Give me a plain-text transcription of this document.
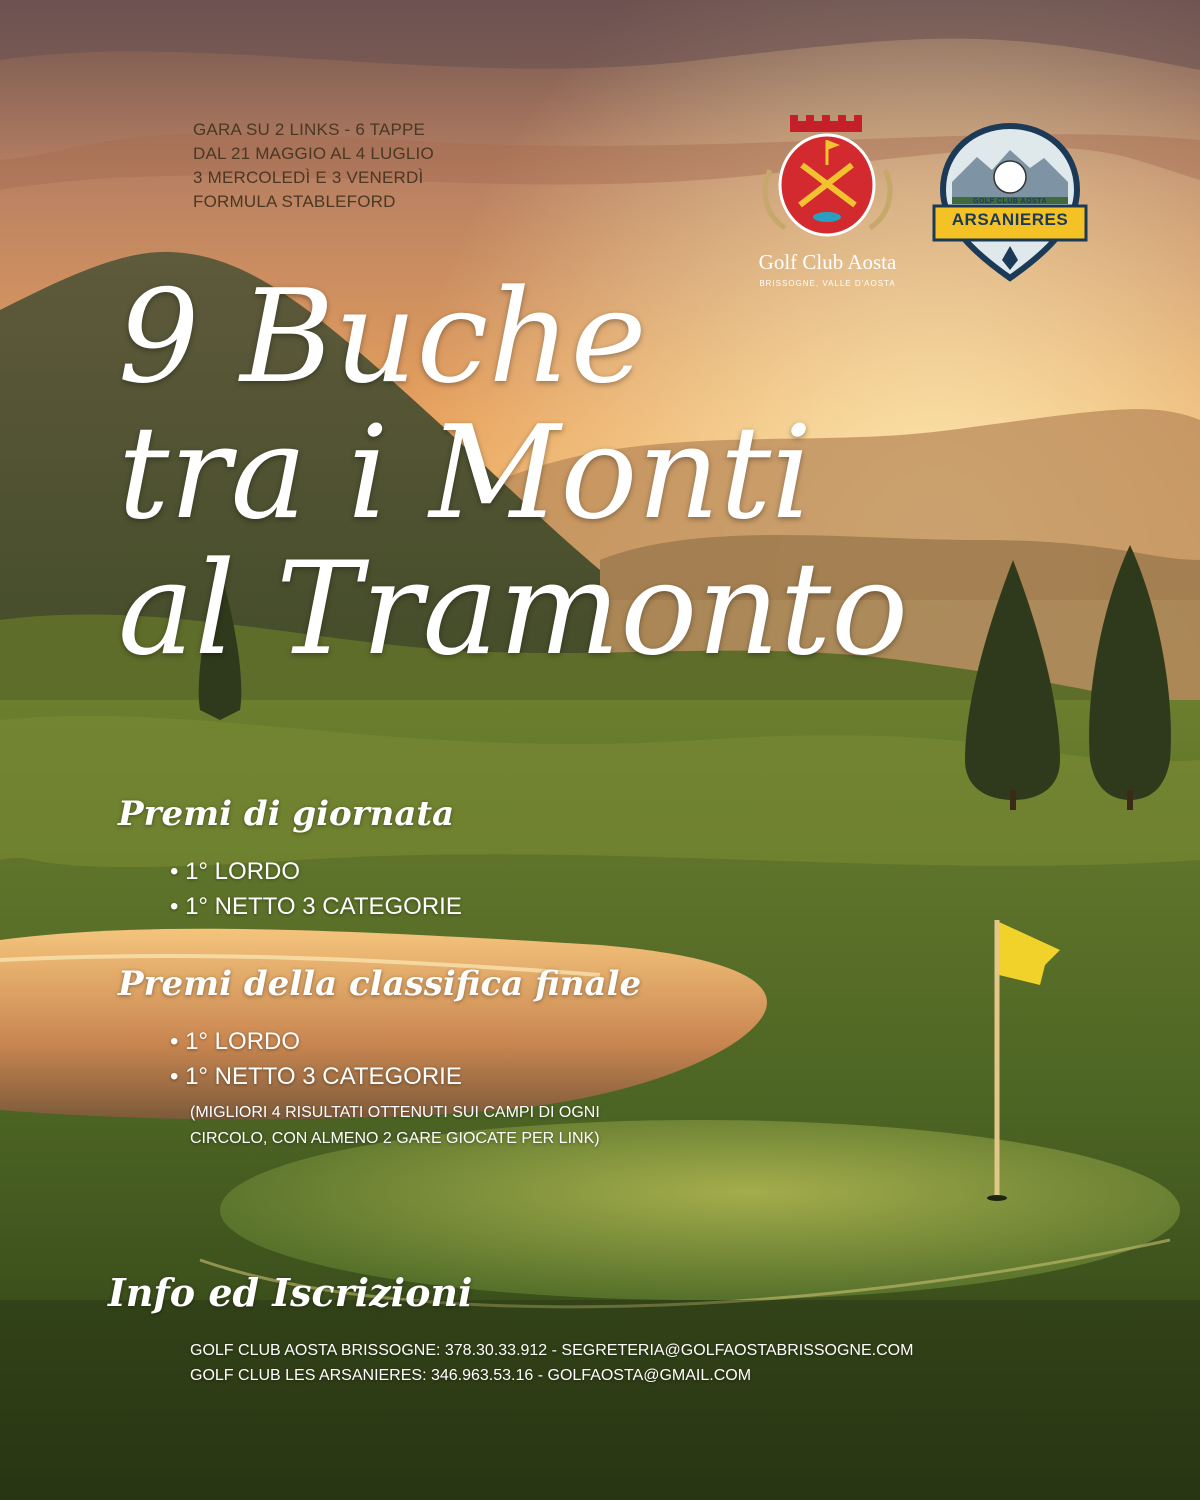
GARA SU 2 LINKS - 6 TAPPE
DAL 21 MAGGIO AL 4 LUGLIO
3 MERCOLEDÌ E 3 VENERDÌ
FORMULA STABLEFORD
Golf Club Aosta
BRISSOGNE, VALLE D'AOSTA
GOLF CLUB AOSTA
ARSANIERES
9 Buche
tra i Monti
al Tramonto
Premi di giornata
• 1° LORDO
• 1° NETTO 3 CATEGORIE
Premi della classifica finale
• 1° LORDO
• 1° NETTO 3 CATEGORIE
(MIGLIORI 4 RISULTATI OTTENUTI SUI CAMPI DI OGNI
CIRCOLO, CON ALMENO 2 GARE GIOCATE PER LINK)
Info ed Iscrizioni
GOLF CLUB AOSTA BRISSOGNE: 378.30.33.912 - SEGRETERIA@GOLFAOSTABRISSOGNE.COM
GOLF CLUB LES ARSANIERES: 346.963.53.16 - GOLFAOSTA@GMAIL.COM
